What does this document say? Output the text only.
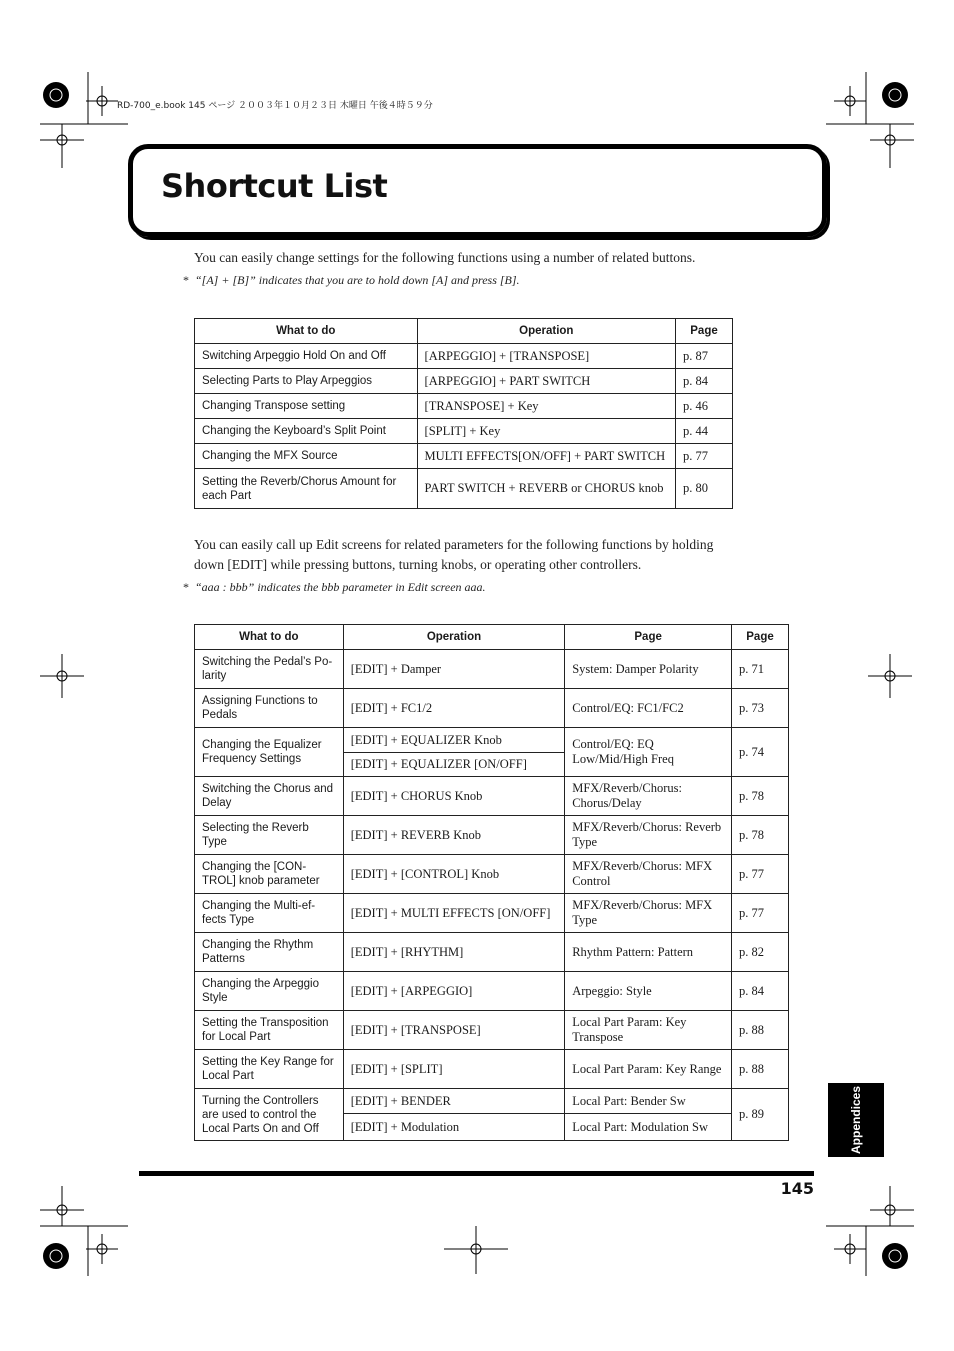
RD-700_e.book 145 ページ ２００３年１０月２３日 木曜日 午後４時５９分
Shortcut List
You can easily change settings for the following functions using a number of related buttons.
* “[A] + [B]” indicates that you are to hold down [A] and press [B].
What to do	Operation	Page
Switching Arpeggio Hold On and Off	[ARPEGGIO] + [TRANSPOSE]	p. 87
Selecting Parts to Play Arpeggios	[ARPEGGIO] + PART SWITCH	p. 84
Changing Transpose setting	[TRANSPOSE] + Key	p. 46
Changing the Keyboard’s Split Point	[SPLIT] + Key	p. 44
Changing the MFX Source	MULTI EFFECTS[ON/OFF] + PART SWITCH	p. 77
Setting the Reverb/Chorus Amount for each Part	PART SWITCH + REVERB or CHORUS knob	p. 80
You can easily call up Edit screens for related parameters for the following functions by holding
down [EDIT] while pressing buttons, turning knobs, or operating other controllers.
* “aaa : bbb” indicates the bbb parameter in Edit screen aaa.
What to do	Operation	Page	Page
Switching the Pedal’s Po-larity	[EDIT] + Damper	System: Damper Polarity	p. 71
Assigning Functions to Pedals	[EDIT] + FC1/2	Control/EQ: FC1/FC2	p. 73
Changing the Equalizer Frequency Settings	[EDIT] + EQUALIZER Knob	Control/EQ: EQ Low/Mid/High Freq	p. 74
	[EDIT] + EQUALIZER [ON/OFF]		
Switching the Chorus and Delay	[EDIT] + CHORUS Knob	MFX/Reverb/Chorus: Chorus/Delay	p. 78
Selecting the Reverb Type	[EDIT] + REVERB Knob	MFX/Reverb/Chorus: Reverb Type	p. 78
Changing the [CON-TROL] knob parameter	[EDIT] + [CONTROL] Knob	MFX/Reverb/Chorus: MFX Control	p. 77
Changing the Multi-ef-fects Type	[EDIT] + MULTI EFFECTS [ON/OFF]	MFX/Reverb/Chorus: MFX Type	p. 77
Changing the Rhythm Patterns	[EDIT] + [RHYTHM]	Rhythm Pattern: Pattern	p. 82
Changing the Arpeggio Style	[EDIT] + [ARPEGGIO]	Arpeggio: Style	p. 84
Setting the Transposition for Local Part	[EDIT] + [TRANSPOSE]	Local Part Param: Key Transpose	p. 88
Setting the Key Range for Local Part	[EDIT] + [SPLIT]	Local Part Param: Key Range	p. 88
Turning the Controllers are used to control the Local Parts On and Off	[EDIT] + BENDER	Local Part: Bender Sw	p. 89
	[EDIT] + Modulation	Local Part: Modulation Sw	
145
Appendices
